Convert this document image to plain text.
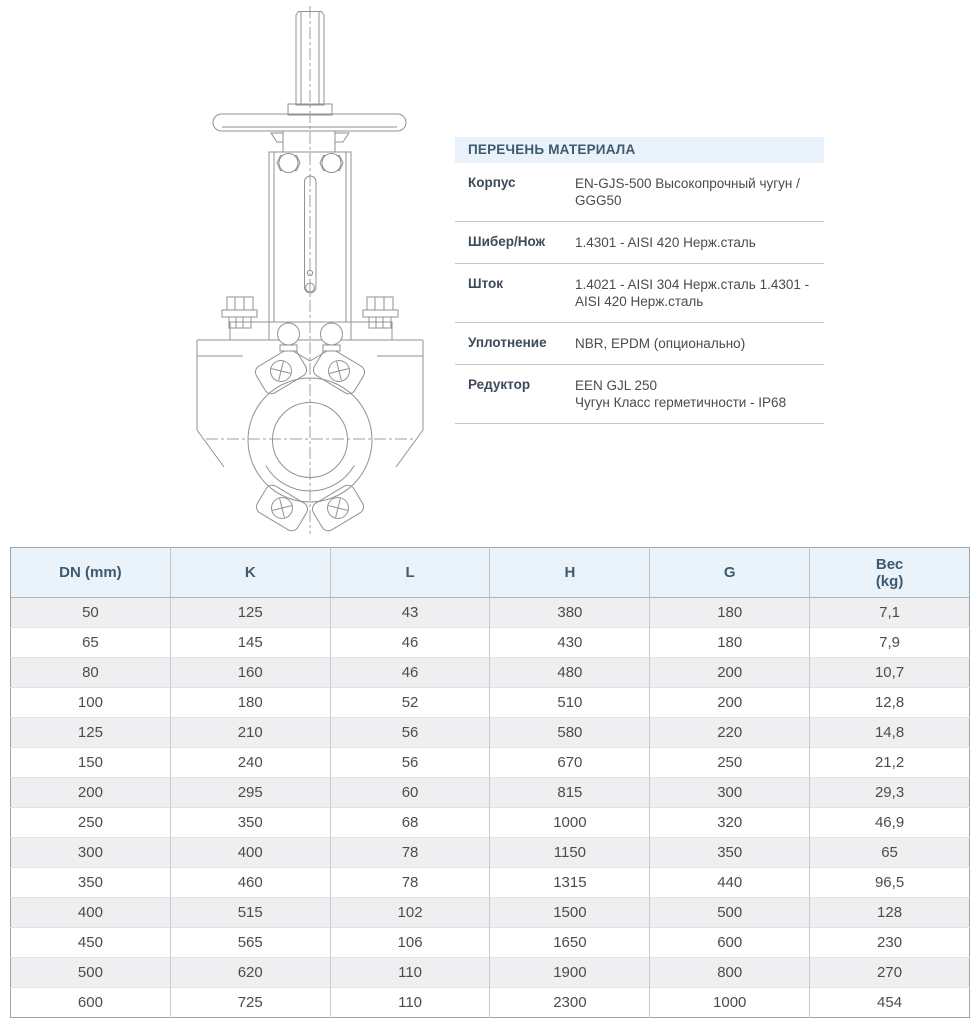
ПЕРЕЧЕНЬ МАТЕРИАЛА
Корпус	EN-GJS-500 Высокопрочный чугун / GGG50
Шибер/Нож	1.4301 - AISI 420 Нерж.сталь
Шток	1.4021 - AISI 304 Нерж.сталь 1.4301 - AISI 420 Нерж.сталь
Уплотнение	NBR, EPDM (опционально)
Редуктор	EEN GJL 250
Чугун Класс герметичности - IP68
DN (mm)	K	L	H	G	Вес
(kg)

50	125	43	380	180	7,1
65	145	46	430	180	7,9
80	160	46	480	200	10,7
100	180	52	510	200	12,8
125	210	56	580	220	14,8
150	240	56	670	250	21,2
200	295	60	815	300	29,3
250	350	68	1000	320	46,9
300	400	78	1150	350	65
350	460	78	1315	440	96,5
400	515	102	1500	500	128
450	565	106	1650	600	230
500	620	110	1900	800	270
600	725	110	2300	1000	454
